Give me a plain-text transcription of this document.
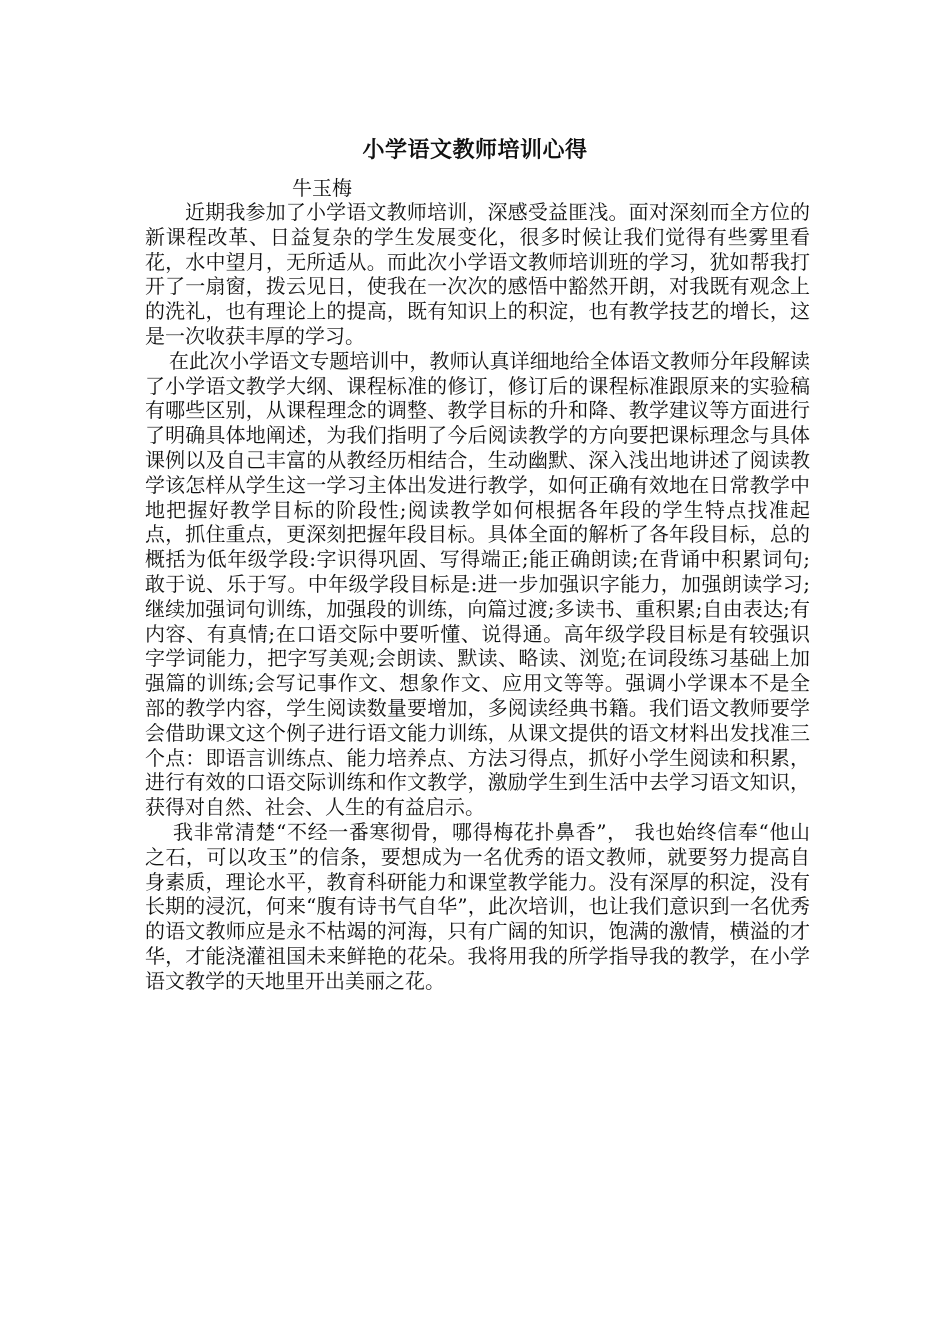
小学语文教师培训心得
牛玉梅

近期我参加了小学语文教师培训，深感受益匪浅。面对深刻而全方位的新课程改革、日益复杂的学生发展变化，很多时候让我们觉得有些雾里看花，水中望月，无所适从。而此次小学语文教师培训班的学习，犹如帮我打开了一扇窗，拨云见日，使我在一次次的感悟中豁然开朗，对我既有观念上的洗礼，也有理论上的提高，既有知识上的积淀，也有教学技艺的增长，这是一次收获丰厚的学习。

在此次小学语文专题培训中，教师认真详细地给全体语文教师分年段解读了小学语文教学大纲、课程标准的修订，修订后的课程标准跟原来的实验稿有哪些区别，从课程理念的调整、教学目标的升和降、教学建议等方面进行了明确具体地阐述，为我们指明了今后阅读教学的方向要把课标理念与具体课例以及自己丰富的从教经历相结合，生动幽默、深入浅出地讲述了阅读教学该怎样从学生这一学习主体出发进行教学，如何正确有效地在日常教学中地把握好教学目标的阶段性;阅读教学如何根据各年段的学生特点找准起点，抓住重点，更深刻把握年段目标。具体全面的解析了各年段目标，总的概括为低年级学段:字识得巩固、写得端正;能正确朗读;在背诵中积累词句;敢于说、乐于写。中年级学段目标是:进一步加强识字能力，加强朗读学习;继续加强词句训练，加强段的训练，向篇过渡;多读书、重积累;自由表达;有内容、有真情;在口语交际中要听懂、说得通。高年级学段目标是有较强识字学词能力，把字写美观;会朗读、默读、略读、浏览;在词段练习基础上加强篇的训练;会写记事作文、想象作文、应用文等等。强调小学课本不是全部的教学内容，学生阅读数量要增加，多阅读经典书籍。我们语文教师要学会借助课文这个例子进行语文能力训练，从课文提供的语文材料出发找准三个点：即语言训练点、能力培养点、方法习得点，抓好小学生阅读和积累，进行有效的口语交际训练和作文教学，激励学生到生活中去学习语文知识，获得对自然、社会、人生的有益启示。

我非常清楚“不经一番寒彻骨，哪得梅花扑鼻香”， 我也始终信奉“他山之石，可以攻玉”的信条，要想成为一名优秀的语文教师，就要努力提高自身素质，理论水平，教育科研能力和课堂教学能力。没有深厚的积淀，没有长期的浸沉，何来“腹有诗书气自华”，此次培训，也让我们意识到一名优秀的语文教师应是永不枯竭的河海，只有广阔的知识，饱满的激情，横溢的才华，才能浇灌祖国未来鲜艳的花朵。我将用我的所学指导我的教学，在小学语文教学的天地里开出美丽之花。
